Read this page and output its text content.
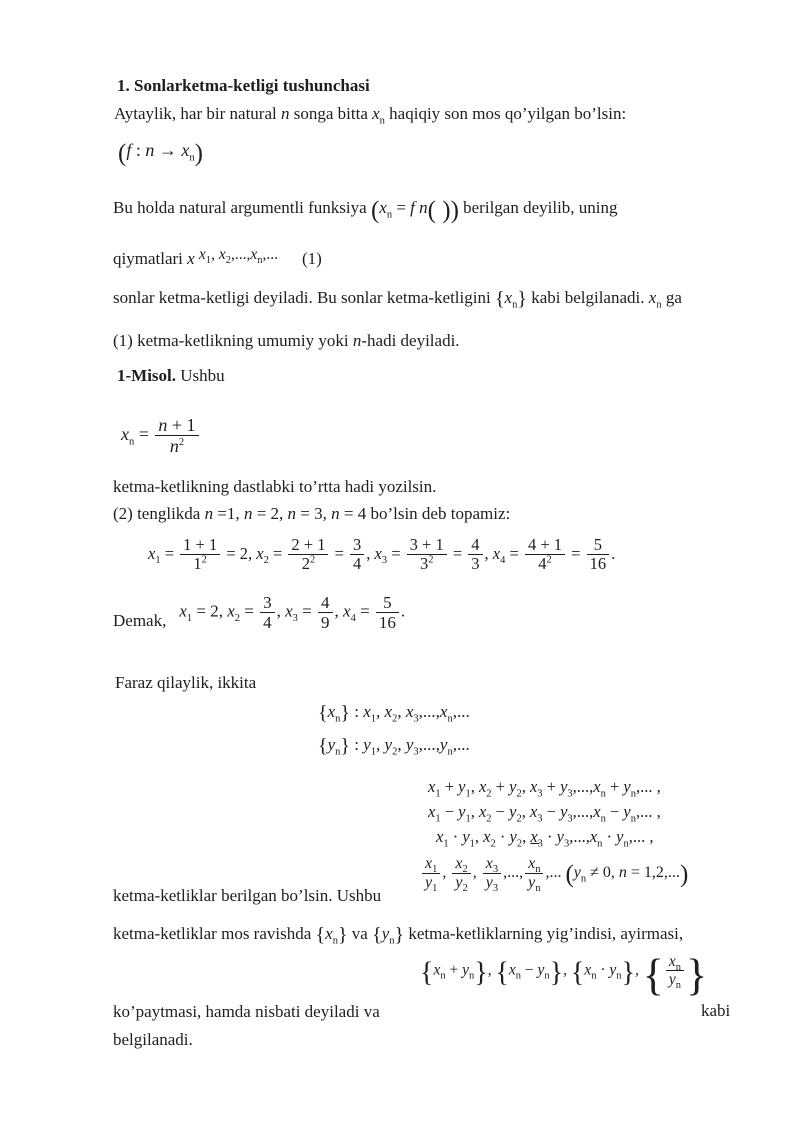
1. Sonlarketma-ketligi tushunchasi
Aytaylik, har bir natural n songa bitta $x_n$ haqiqiy son mos qo’yilgan bo’lsin:
(f : $n \to x_n$)
Bu holda natural argumentli funksiya ($x_n = f$ n( )) berilgan deyilib, uning
qiymatlari x $x_1$, $x_2,...,x_n$,... (1)
sonlar ketma-ketligi deyiladi. Bu sonlar ketma-ketligini $\{x_n\}$ kabi belgilanadi. $x_n$ ga
(1) ketma-ketlikning umumiy yoki n-hadi deyiladi.
1-Misol. Ushbu
$x_n = \frac{n + 1}{n^2}$
ketma-ketlikning dastlabki to’rtta hadi yozilsin.
(2) tenglikda n =1, n = 2, n = 3, n = 4 bo’lsin deb topamiz:
$x_1 = \frac{1 + 1}{1^2} = 2$, $x_2 = \frac{2 + 1}{2^2} = \frac{3}{4}$ , $x_3 = \frac{3 + 1}{3^2} = \frac{4}{3}$ , $x_4 = \frac{4 + 1}{4^2} = \frac{5}{16}$ .
Demak,
$x_1 = 2$, $x_2 = \frac{3}{4}$ , $x_3 = \frac{4}{9}$ , $x_4 = \frac{5}{16}$ .
Faraz qilaylik, ikkita
$\{x_n\}$ : $x_1$, $x_2$, $x_3,...,x_n$,...
$\{y_n\}$ : $y_1$, $y_2$, $y_3,...,y_n$,...
$x_1 + y_1$, $x_2 + y_2$, $x_3 + y_3,...,x_n + y_n$,... ,
$x_1 - y_1$, $x_2 - y_2$, $x_3 - y_3,...,x_n - y_n$,... ,
$x_1 \cdot y_1$, $x_2 \cdot y_2$, $x_3 \cdot y_3,...,x_n \cdot y_n$,... ,
$\frac{x_1}{y_1}$ , $\frac{x_2}{y_2}$ , $\frac{x_3}{y_3}$ ,..., $\frac{x_n}{y_n}$ ,... ($y_n \ne 0$, n = 1,2,...)
ketma-ketliklar berilgan bo’lsin. Ushbu
ketma-ketliklar mos ravishda $\{x_n\}$ va $\{y_n\}$ ketma-ketliklarning yig’indisi, ayirmasi,
$\{x_n + y_n\}$, $\{x_n - y_n\}$, $\{x_n \cdot y_n\}$, { $\frac{x_n}{y_n}$ }
kabi
ko’paytmasi, hamda nisbati deyiladi va
belgilanadi.
